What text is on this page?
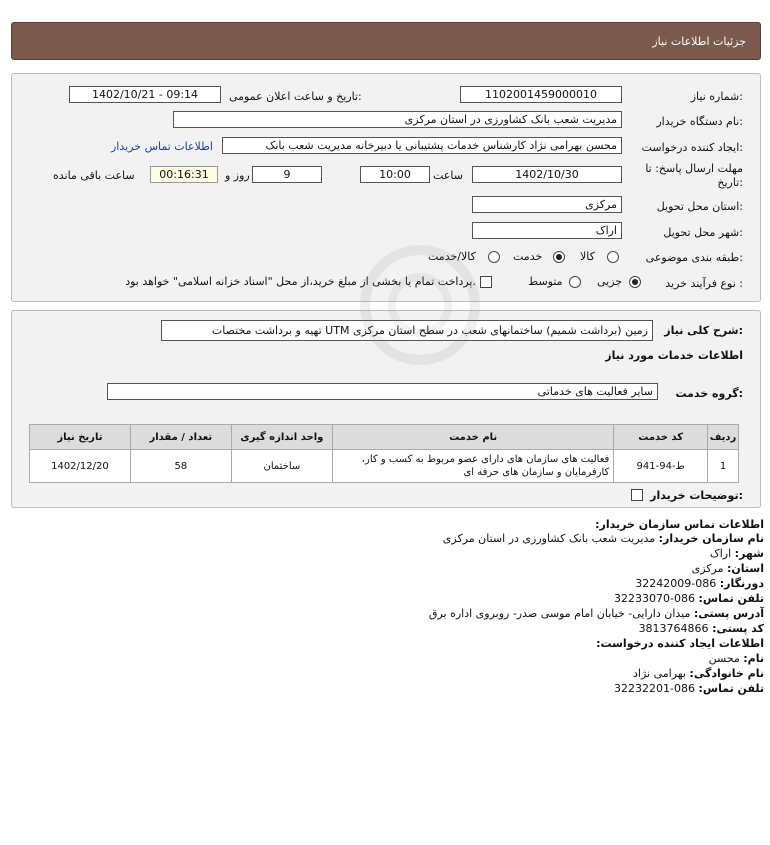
جزئیات اطلاعات نیاز
شماره نیاز:
1102001459000010
تاریخ و ساعت اعلان عمومی:
1402/10/21 - 09:14
نام دستگاه خریدار:
مدیریت شعب بانک کشاورزی در استان مرکزی
ایجاد کننده درخواست:
محسن بهرامی نژاد کارشناس خدمات پشتیبانی یا دبیرخانه مدیریت شعب بانک
اطلاعات تماس خریدار
مهلت ارسال پاسخ: تا
تاریخ:
1402/10/30
ساعت
10:00
9
روز و
00:16:31
ساعت باقی مانده
استان محل تحویل:
مرکزی
شهر محل تحویل:
اراک
طبقه بندی موضوعی:
کالا
خدمت
کالا/خدمت
نوع فرآیند خرید :
جزیی
متوسط
پرداخت تمام یا بخشی از مبلغ خرید،از محل "اسناد خزانه اسلامی" خواهد بود.
شرح کلی نیاز:
تهیه و برداشت مختصات UTM زمین (برداشت شمیم) ساختمانهای شعب در سطح استان مرکزی
اطلاعات خدمات مورد نیاز
گروه خدمت:
سایر فعالیت های خدماتی
ردیف	کد خدمت	نام خدمت	واحد اندازه گیری	تعداد / مقدار	تاریخ نیاز
1	ط-94-941	فعالیت های سازمان های دارای عضو مربوط به کسب و کار، کارفرمایان و سازمان های حرفه ای	ساختمان	58	1402/12/20
توضیحات خریدار:
اطلاعات تماس سازمان خریدار:
نام سازمان خریدار: مدیریت شعب بانک کشاورزی در استان مرکزی
شهر: اراک
استان: مرکزی
دورنگار: 086-32242009
تلفن تماس: 086-32233070
آدرس پستی: میدان دارایی- خیابان امام موسی صدر- روبروی اداره برق
کد پستی: 3813764866
اطلاعات ایجاد کننده درخواست:
نام: محسن
نام خانوادگی: بهرامی نژاد
تلفن تماس: 086-32232201
